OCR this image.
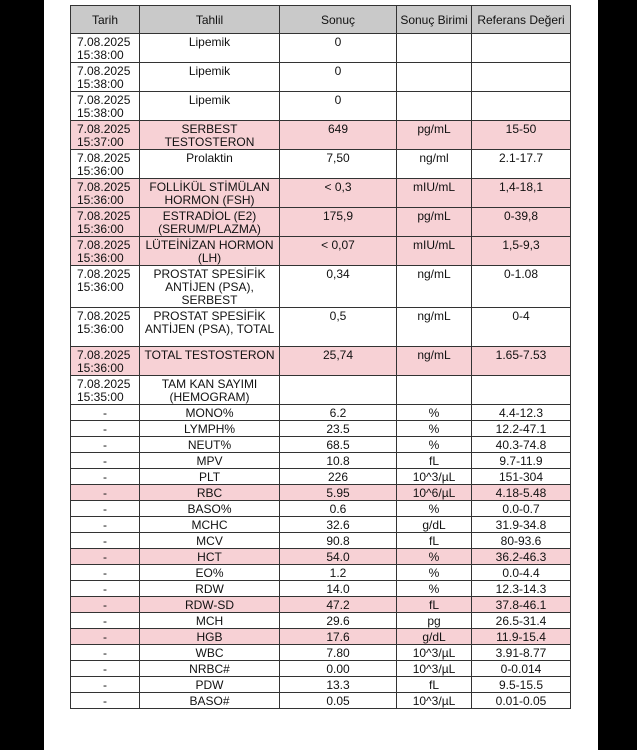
Tarih	Tahlil	Sonuç	Sonuç Birimi	Referans Değeri
7.08.2025 15:38:00	Lipemik	0		
7.08.2025 15:38:00	Lipemik	0		
7.08.2025 15:38:00	Lipemik	0		
7.08.2025 15:37:00	SERBEST TESTOSTERON	649	pg/mL	15-50
7.08.2025 15:36:00	Prolaktin	7,50	ng/ml	2.1-17.7
7.08.2025 15:36:00	FOLLİKÜL STİMÜLAN HORMON (FSH)	< 0,3	mIU/mL	1,4-18,1
7.08.2025 15:36:00	ESTRADİOL (E2) (SERUM/PLAZMA)	175,9	pg/mL	0-39,8
7.08.2025 15:36:00	LÜTEİNİZAN HORMON (LH)	< 0,07	mIU/mL	1,5-9,3
7.08.2025 15:36:00	PROSTAT SPESİFİK ANTİJEN (PSA), SERBEST	0,34	ng/mL	0-1.08
7.08.2025 15:36:00	PROSTAT SPESİFİK ANTİJEN (PSA), TOTAL	0,5	ng/mL	0-4
7.08.2025 15:36:00	TOTAL TESTOSTERON	25,74	ng/mL	1.65-7.53
7.08.2025 15:35:00	TAM KAN SAYIMI (HEMOGRAM)			
-	MONO%	6.2	%	4.4-12.3
-	LYMPH%	23.5	%	12.2-47.1
-	NEUT%	68.5	%	40.3-74.8
-	MPV	10.8	fL	9.7-11.9
-	PLT	226	10^3/µL	151-304
-	RBC	5.95	10^6/µL	4.18-5.48
-	BASO%	0.6	%	0.0-0.7
-	MCHC	32.6	g/dL	31.9-34.8
-	MCV	90.8	fL	80-93.6
-	HCT	54.0	%	36.2-46.3
-	EO%	1.2	%	0.0-4.4
-	RDW	14.0	%	12.3-14.3
-	RDW-SD	47.2	fL	37.8-46.1
-	MCH	29.6	pg	26.5-31.4
-	HGB	17.6	g/dL	11.9-15.4
-	WBC	7.80	10^3/µL	3.91-8.77
-	NRBC#	0.00	10^3/µL	0-0.014
-	PDW	13.3	fL	9.5-15.5
-	BASO#	0.05	10^3/µL	0.01-0.05
